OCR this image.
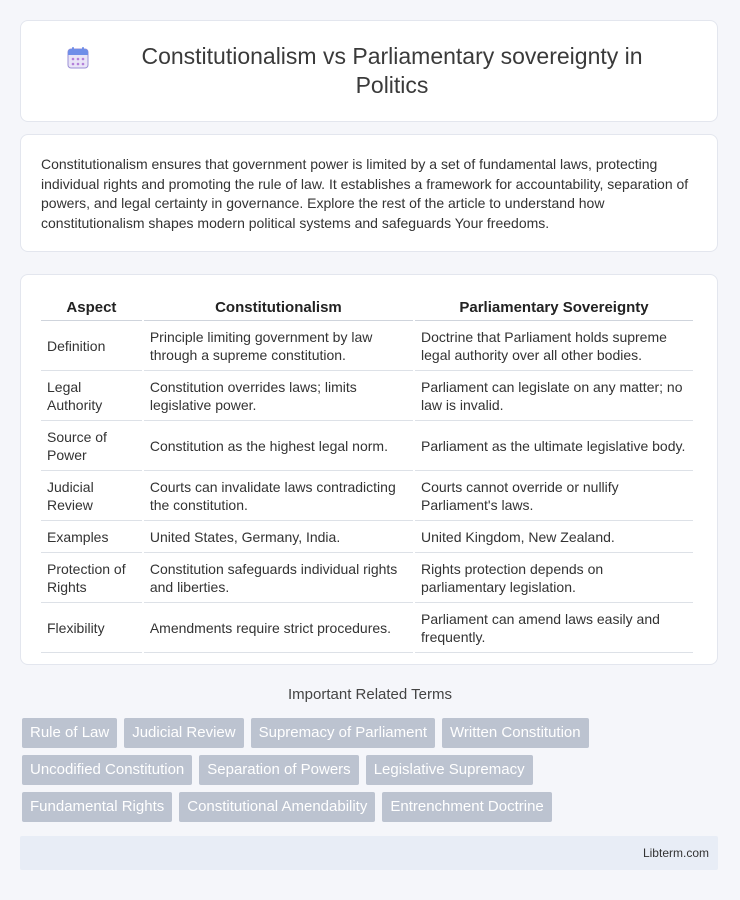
Constitutionalism vs Parliamentary sovereignty in Politics

Constitutionalism ensures that government power is limited by a set of fundamental laws, protecting individual rights and promoting the rule of law. It establishes a framework for accountability, separation of powers, and legal certainty in governance. Explore the rest of the article to understand how constitutionalism shapes modern political systems and safeguards Your freedoms.

Aspect	Constitutionalism	Parliamentary Sovereignty
Definition	Principle limiting government by law through a supreme constitution.	Doctrine that Parliament holds supreme legal authority over all other bodies.
Legal Authority	Constitution overrides laws; limits legislative power.	Parliament can legislate on any matter; no law is invalid.
Source of Power	Constitution as the highest legal norm.	Parliament as the ultimate legislative body.
Judicial Review	Courts can invalidate laws contradicting the constitution.	Courts cannot override or nullify Parliament's laws.
Examples	United States, Germany, India.	United Kingdom, New Zealand.
Protection of Rights	Constitution safeguards individual rights and liberties.	Rights protection depends on parliamentary legislation.
Flexibility	Amendments require strict procedures.	Parliament can amend laws easily and frequently.
Important Related Terms
Rule of Law	Judicial Review	Supremacy of Parliament	Written Constitution
Uncodified Constitution	Separation of Powers	Legislative Supremacy
Fundamental Rights	Constitutional Amendability	Entrenchment Doctrine
Libterm.com
